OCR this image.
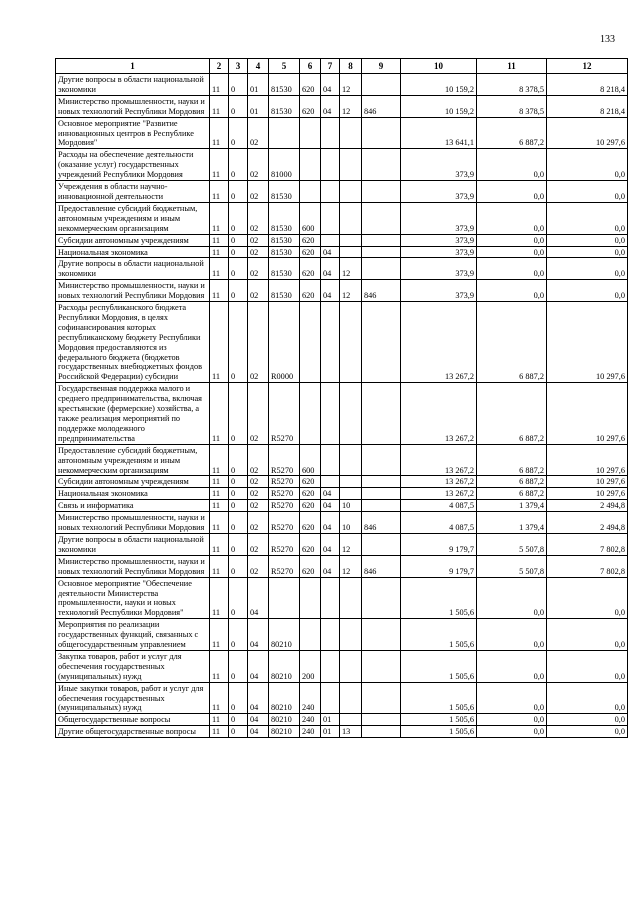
133
1	2	3	4	5	6	7	8	9	10	11	12
Другие вопросы в области национальной экономики	11	0	01	81530	620	04	12		10 159,2	8 378,5	8 218,4
Министерство промышленности, науки и новых технологий Республики Мордовия	11	0	01	81530	620	04	12	846	10 159,2	8 378,5	8 218,4
Основное мероприятие "Развитие инновационных центров в Республике Мордовия"	11	0	02						13 641,1	6 887,2	10 297,6
Расходы на обеспечение деятельности (оказание услуг) государственных учреждений Республики Мордовия	11	0	02	81000					373,9	0,0	0,0
Учреждения в области научно-инновационной деятельности	11	0	02	81530					373,9	0,0	0,0
Предоставление субсидий бюджетным, автономным учреждениям и иным некоммерческим организациям	11	0	02	81530	600				373,9	0,0	0,0
Субсидии автономным учреждениям	11	0	02	81530	620				373,9	0,0	0,0
Национальная экономика	11	0	02	81530	620	04			373,9	0,0	0,0
Другие вопросы в области национальной экономики	11	0	02	81530	620	04	12		373,9	0,0	0,0
Министерство промышленности, науки и новых технологий Республики Мордовия	11	0	02	81530	620	04	12	846	373,9	0,0	0,0
Расходы республиканского бюджета Республики Мордовия, в целях софинансирования которых республиканскому бюджету Республики Мордовия предоставляются из федерального бюджета (бюджетов государственных внебюджетных фондов Российской Федерации) субсидии	11	0	02	R0000					13 267,2	6 887,2	10 297,6
Государственная поддержка малого и среднего предпринимательства, включая крестьянские (фермерские) хозяйства, а также реализация мероприятий по поддержке молодежного предпринимательства	11	0	02	R5270					13 267,2	6 887,2	10 297,6
Предоставление субсидий бюджетным, автономным учреждениям и иным некоммерческим организациям	11	0	02	R5270	600				13 267,2	6 887,2	10 297,6
Субсидии автономным учреждениям	11	0	02	R5270	620				13 267,2	6 887,2	10 297,6
Национальная экономика	11	0	02	R5270	620	04			13 267,2	6 887,2	10 297,6
Связь и информатика	11	0	02	R5270	620	04	10		4 087,5	1 379,4	2 494,8
Министерство промышленности, науки и новых технологий Республики Мордовия	11	0	02	R5270	620	04	10	846	4 087,5	1 379,4	2 494,8
Другие вопросы в области национальной экономики	11	0	02	R5270	620	04	12		9 179,7	5 507,8	7 802,8
Министерство промышленности, науки и новых технологий Республики Мордовия	11	0	02	R5270	620	04	12	846	9 179,7	5 507,8	7 802,8
Основное мероприятие "Обеспечение деятельности Министерства промышленности, науки и новых технологий Республики Мордовия"	11	0	04						1 505,6	0,0	0,0
Мероприятия по реализации государственных функций, связанных с общегосударственным управлением	11	0	04	80210					1 505,6	0,0	0,0
Закупка товаров, работ и услуг для обеспечения государственных (муниципальных) нужд	11	0	04	80210	200				1 505,6	0,0	0,0
Иные закупки товаров, работ и услуг для обеспечения государственных (муниципальных) нужд	11	0	04	80210	240				1 505,6	0,0	0,0
Общегосударственные вопросы	11	0	04	80210	240	01			1 505,6	0,0	0,0
Другие общегосударственные вопросы	11	0	04	80210	240	01	13		1 505,6	0,0	0,0
